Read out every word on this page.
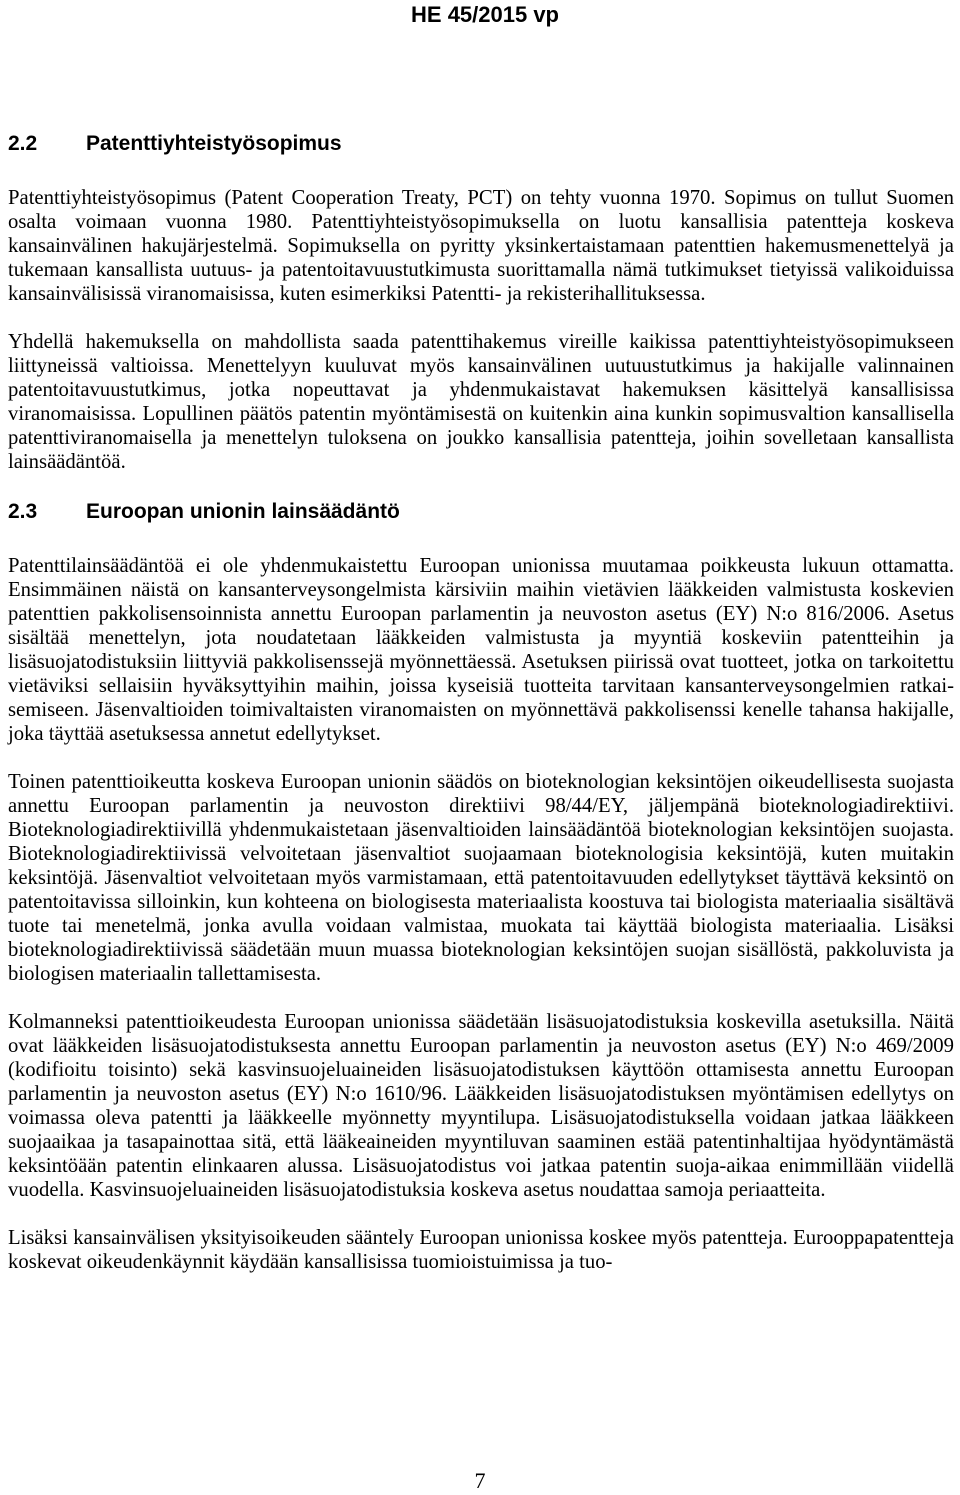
HE 45/2015 vp
2.2	Patenttiyhteistyösopimus

Patenttiyhteistyösopimus (Patent Cooperation Treaty, PCT) on tehty vuonna 1970. Sopimus on tullut Suomen osalta voimaan vuonna 1980. Patenttiyhteistyösopimuksella on luotu kansallisia patentteja koskeva kansainvälinen hakujärjestelmä. Sopimuksella on pyritty yksinkertaistamaan patenttien hakemusmenettelyä ja tukemaan kansallista uutuus- ja patentoitavuustutkimusta suorittamalla nämä tutkimukset tietyissä valikoiduissa kansainvälisissä viranomaisissa, kuten esimerkiksi Patentti- ja rekisterihallituksessa.

Yhdellä hakemuksella on mahdollista saada patenttihakemus vireille kaikissa patenttiyhteistyösopimukseen liittyneissä valtioissa. Menettelyyn kuuluvat myös kansainvälinen uutuustutkimus ja hakijalle valinnainen patentoitavuustutkimus, jotka nopeuttavat ja yhdenmukaistavat hakemuksen käsittelyä kansallisissa viranomaisissa. Lopullinen päätös patentin myöntämisestä on kuitenkin aina kunkin sopimusvaltion kansallisella patenttiviranomaisella ja menettelyn tuloksena on joukko kansallisia patentteja, joihin sovelletaan kansallista lainsäädäntöä.

2.3	Euroopan unionin lainsäädäntö

Patenttilainsäädäntöä ei ole yhdenmukaistettu Euroopan unionissa muutamaa poikkeusta lukuun ottamatta. Ensimmäinen näistä on kansanterveysongelmista kärsiviin maihin vietävien lääkkeiden valmistusta koskevien patenttien pakkolisensoinnista annettu Euroopan parlamentin ja neuvoston asetus (EY) N:o 816/2006. Asetus sisältää menettelyn, jota noudatetaan lääkkeiden valmistusta ja myyntiä koskeviin patentteihin ja lisäsuojatodistuksiin liittyviä pakkolisenssejä myönnettäessä. Asetuksen piirissä ovat tuotteet, jotka on tarkoitettu vietäviksi sellaisiin hyväksyttyihin maihin, joissa kyseisiä tuotteita tarvitaan kansanterveysongelmien ratkaisemiseen. Jäsenvaltioiden toimivaltaisten viranomaisten on myönnettävä pakkolisenssi kenelle tahansa hakijalle, joka täyttää asetuksessa annetut edellytykset.

Toinen patenttioikeutta koskeva Euroopan unionin säädös on bioteknologian keksintöjen oikeudellisesta suojasta annettu Euroopan parlamentin ja neuvoston direktiivi 98/44/EY, jäljempänä bioteknologiadirektiivi. Bioteknologiadirektiivillä yhdenmukaistetaan jäsenvaltioiden lainsäädäntöä bioteknologian keksintöjen suojasta. Bioteknologiadirektiivissä velvoitetaan jäsenvaltiot suojaamaan bioteknologisia keksintöjä, kuten muitakin keksintöjä. Jäsenvaltiot velvoitetaan myös varmistamaan, että patentoitavuuden edellytykset täyttävä keksintö on patentoitavissa silloinkin, kun kohteena on biologisesta materiaalista koostuva tai biologista materiaalia sisältävä tuote tai menetelmä, jonka avulla voidaan valmistaa, muokata tai käyttää biologista materiaalia. Lisäksi bioteknologiadirektiivissä säädetään muun muassa bioteknologian keksintöjen suojan sisällöstä, pakkoluvista ja biologisen materiaalin tallettamisesta.

Kolmanneksi patenttioikeudesta Euroopan unionissa säädetään lisäsuojatodistuksia koskevilla asetuksilla. Näitä ovat lääkkeiden lisäsuojatodistuksesta annettu Euroopan parlamentin ja neuvoston asetus (EY) N:o 469/2009 (kodifioitu toisinto) sekä kasvinsuojeluaineiden lisäsuojatodistuksen käyttöön ottamisesta annettu Euroopan parlamentin ja neuvoston asetus (EY) N:o 1610/96. Lääkkeiden lisäsuojatodistuksen myöntämisen edellytys on voimassa oleva patentti ja lääkkeelle myönnetty myyntilupa. Lisäsuojatodistuksella voidaan jatkaa lääkkeen suojaaikaa ja tasapainottaa sitä, että lääkeaineiden myyntiluvan saaminen estää patentinhaltijaa hyödyntämästä keksintöään patentin elinkaaren alussa. Lisäsuojatodistus voi jatkaa patentin suoja-aikaa enimmillään viidellä vuodella. Kasvinsuojeluaineiden lisäsuojatodistuksia koskeva asetus noudattaa samoja periaatteita.

Lisäksi kansainvälisen yksityisoikeuden sääntely Euroopan unionissa koskee myös patentteja. Eurooppapatentteja koskevat oikeudenkäynnit käydään kansallisissa tuomioistuimissa ja tuo-

7
